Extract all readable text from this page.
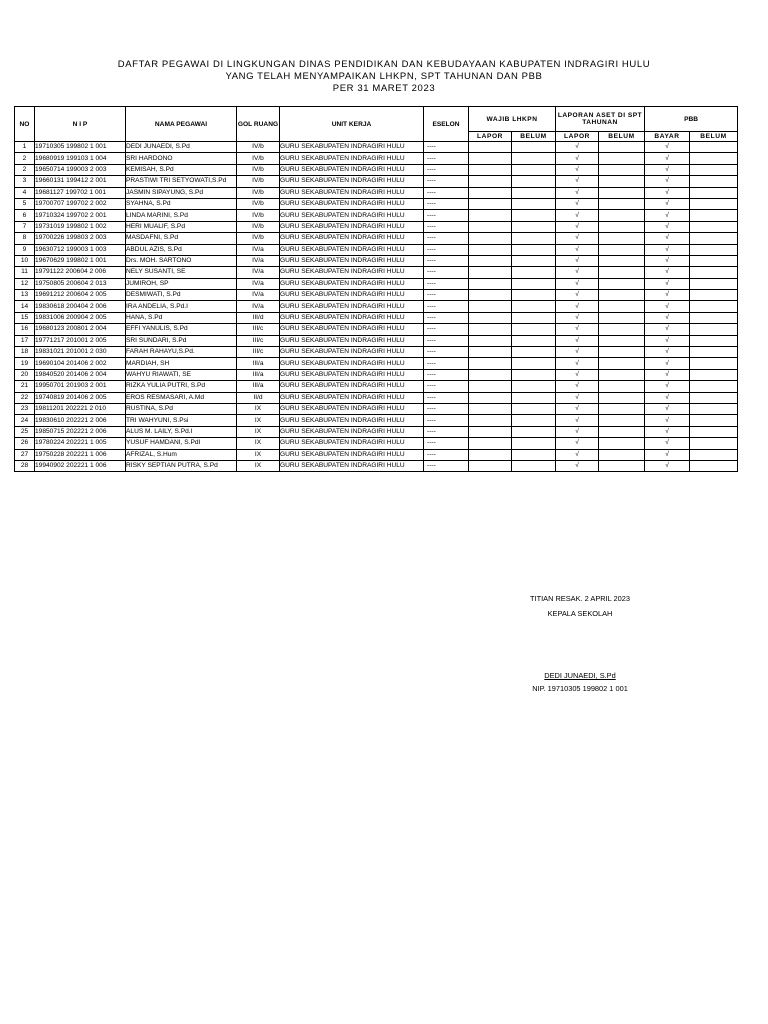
DAFTAR PEGAWAI DI LINGKUNGAN DINAS PENDIDIKAN DAN KEBUDAYAAN KABUPATEN INDRAGIRI HULU
YANG TELAH MENYAMPAIKAN LHKPN, SPT TAHUNAN DAN PBB
PER 31 MARET 2023
NO	N I P	NAMA PEGAWAI	GOL RUANG	UNIT KERJA	ESELON	WAJIB LHKPN		LAPORAN ASET DI SPT TAHUNAN		PBB	
						LAPOR	BELUM	LAPOR	BELUM	BAYAR	BELUM
1	19710305 199802 1 001	DEDI JUNAEDI, S.Pd	IV/b	GURU SEKABUPATEN INDRAGIRI HULU	----			√		√	
2	19680919 199103 1 004	SRI HARDONO	IV/b	GURU SEKABUPATEN INDRAGIRI HULU	----			√		√	
2	19650714 199003 2 003	KEMISAH, S.Pd	IV/b	GURU SEKABUPATEN INDRAGIRI HULU	----			√		√	
3	19660131 199412 2 001	PRASTIWI TRI SETYOWATI,S.Pd	IV/b	GURU SEKABUPATEN INDRAGIRI HULU	----			√		√	
4	19681127 199702 1 001	JASMIN SIPAYUNG, S.Pd	IV/b	GURU SEKABUPATEN INDRAGIRI HULU	----			√		√	
5	19700707 199702 2 002	SYAHNA, S.Pd	IV/b	GURU SEKABUPATEN INDRAGIRI HULU	----			√		√	
6	19710324 199702 2 001	LINDA MARINI, S.Pd	IV/b	GURU SEKABUPATEN INDRAGIRI HULU	----			√		√	
7	19731019 199802 1 002	HERI MUALIF, S.Pd	IV/b	GURU SEKABUPATEN INDRAGIRI HULU	----			√		√	
8	19700226 199803 2 003	MASDAFNI, S.Pd	IV/b	GURU SEKABUPATEN INDRAGIRI HULU	----			√		√	
9	19630712 199003 1 003	ABDUL AZIS, S.Pd	IV/a	GURU SEKABUPATEN INDRAGIRI HULU	----			√		√	
10	19670629 199802 1 001	Drs. MOH. SARTONO	IV/a	GURU SEKABUPATEN INDRAGIRI HULU	----			√		√	
11	19791122 200604 2 006	NELY SUSANTI, SE	IV/a	GURU SEKABUPATEN INDRAGIRI HULU	----			√		√	
12	19750805 200604 2 013	JUMIROH, SP	IV/a	GURU SEKABUPATEN INDRAGIRI HULU	----			√		√	
13	19691212 200604 2 005	DESMIWATI, S.Pd	IV/a	GURU SEKABUPATEN INDRAGIRI HULU	----			√		√	
14	19830618 200404 2 006	IRA ANDELIA, S.Pd.I	IV/a	GURU SEKABUPATEN INDRAGIRI HULU	----			√		√	
15	19831006 200904 2 005	HANA, S.Pd	III/d	GURU SEKABUPATEN INDRAGIRI HULU	----			√		√	
16	19680123 200801 2 004	EFFI YANULIS, S.Pd	III/c	GURU SEKABUPATEN INDRAGIRI HULU	----			√		√	
17	19771217 201001 2 005	SRI SUNDARI, S.Pd	III/c	GURU SEKABUPATEN INDRAGIRI HULU	----			√		√	
18	19831021 201001 2 030	FARAH RAHAYU,S.Pd.	III/c	GURU SEKABUPATEN INDRAGIRI HULU	----			√		√	
19	19690104 201406 2 002	MARDIAH, SH	III/a	GURU SEKABUPATEN INDRAGIRI HULU	----			√		√	
20	19840520 201406 2 004	WAHYU RIAWATI, SE	III/a	GURU SEKABUPATEN INDRAGIRI HULU	----			√		√	
21	19950701 201903 2 001	RIZKA YULIA PUTRI, S.Pd	III/a	GURU SEKABUPATEN INDRAGIRI HULU	----			√		√	
22	19740819 201406 2 005	EROS RESMASARI, A.Md	II/d	GURU SEKABUPATEN INDRAGIRI HULU	----			√		√	
23	19811201 202221 2 010	RUSTINA, S.Pd	IX	GURU SEKABUPATEN INDRAGIRI HULU	----			√		√	
24	19830610 202221 2 006	TRI WAHYUNI, S.Psi	IX	GURU SEKABUPATEN INDRAGIRI HULU	----			√		√	
25	19850715 202221 2 006	ALUS M. LAILY, S.Pd.I	IX	GURU SEKABUPATEN INDRAGIRI HULU	----			√		√	
26	19780224 202221 1 005	YUSUF HAMDANI, S.PdI	IX	GURU SEKABUPATEN INDRAGIRI HULU	----			√		√	
27	19750228 202221 1 006	AFRIZAL, S.Hum	IX	GURU SEKABUPATEN INDRAGIRI HULU	----			√		√	
28	19940902 202221 1 006	RISKY SEPTIAN PUTRA, S.Pd	IX	GURU SEKABUPATEN INDRAGIRI HULU	----			√		√	
TITIAN RESAK. 2 APRIL 2023
KEPALA SEKOLAH
DEDI JUNAEDI, S.Pd
NIP. 19710305 199802 1 001
